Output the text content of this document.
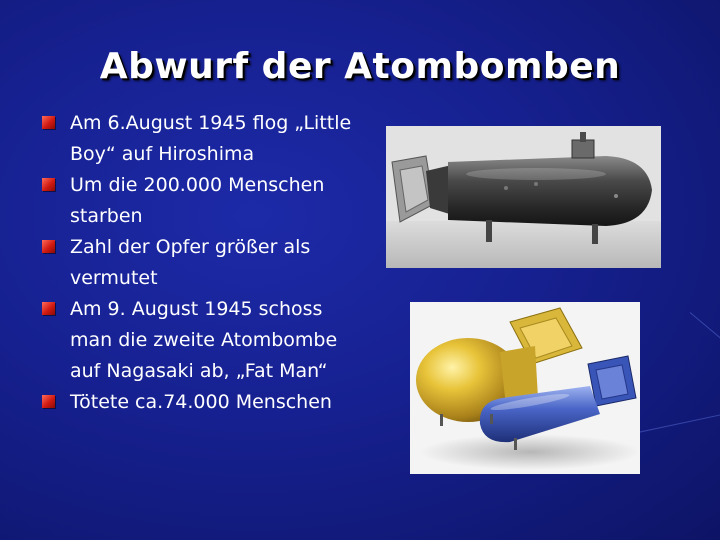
Abwurf der Atombomben
Am 6.August 1945 flog „Little Boy“ auf Hiroshima
Um die 200.000 Menschen starben
Zahl der Opfer größer als vermutet
Am 9. August 1945 schoss man die zweite Atombombe auf Nagasaki ab, „Fat Man“
Tötete ca.74.000 Menschen
